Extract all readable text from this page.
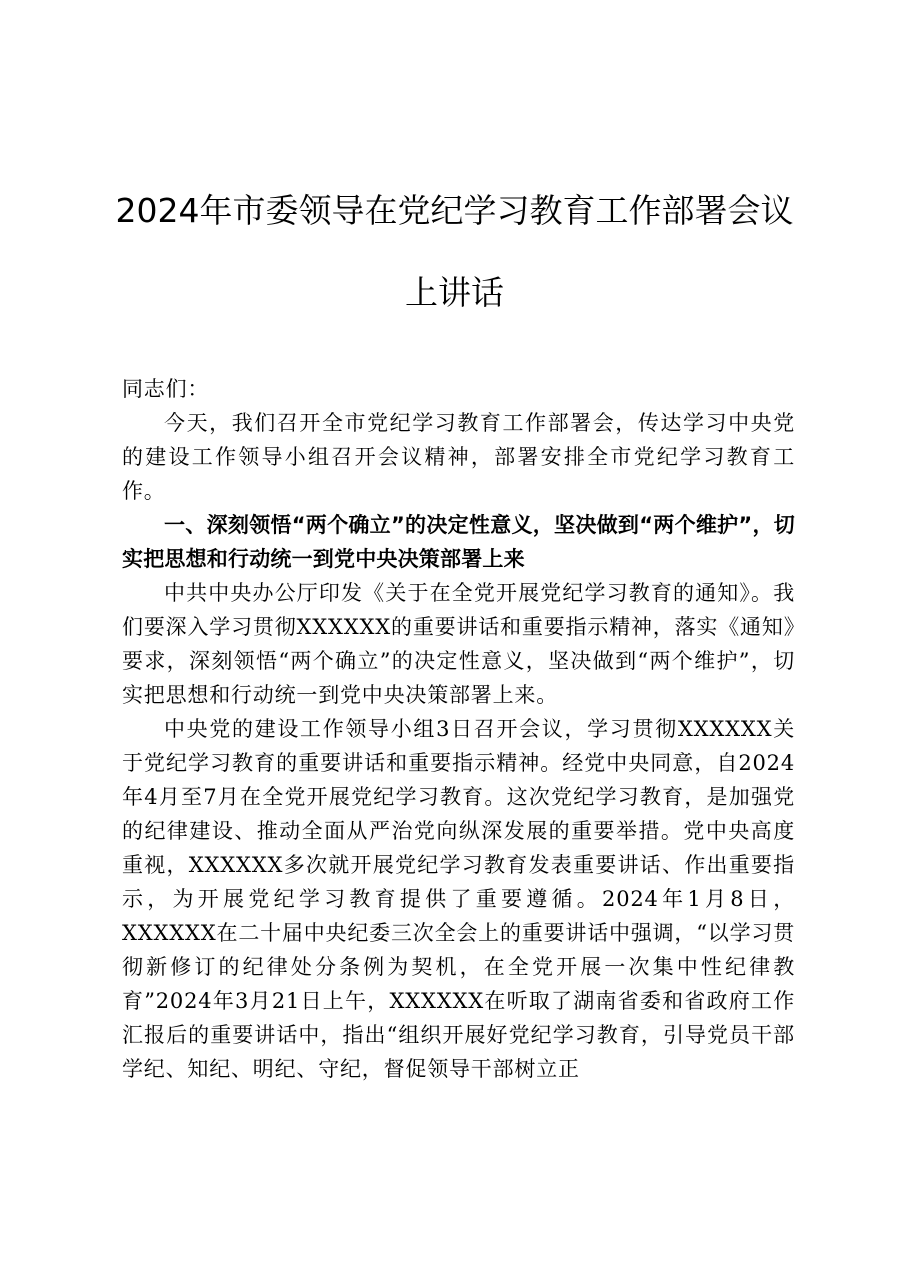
2024年市委领导在党纪学习教育工作部署会议上讲话

同志们：

今天，我们召开全市党纪学习教育工作部署会，传达学习中央党的建设工作领导小组召开会议精神，部署安排全市党纪学习教育工作。

一、深刻领悟“两个确立”的决定性意义，坚决做到“两个维护”，切实把思想和行动统一到党中央决策部署上来

中共中央办公厅印发《关于在全党开展党纪学习教育的通知》。我们要深入学习贯彻XXXXXX的重要讲话和重要指示精神，落实《通知》要求，深刻领悟“两个确立”的决定性意义，坚决做到“两个维护”，切实把思想和行动统一到党中央决策部署上来。

中央党的建设工作领导小组3日召开会议，学习贯彻XXXXXX关于党纪学习教育的重要讲话和重要指示精神。经党中央同意，自2024年4月至7月在全党开展党纪学习教育。这次党纪学习教育，是加强党的纪律建设、推动全面从严治党向纵深发展的重要举措。党中央高度重视，XXXXXX多次就开展党纪学习教育发表重要讲话、作出重要指示，为开展党纪学习教育提供了重要遵循。2024年1月8日，XXXXXX在二十届中央纪委三次全会上的重要讲话中强调，“以学习贯彻新修订的纪律处分条例为契机，在全党开展一次集中性纪律教育”2024年3月21日上午，XXXXXX在听取了湖南省委和省政府工作汇报后的重要讲话中，指出“组织开展好党纪学习教育，引导党员干部学纪、知纪、明纪、守纪，督促领导干部树立正
